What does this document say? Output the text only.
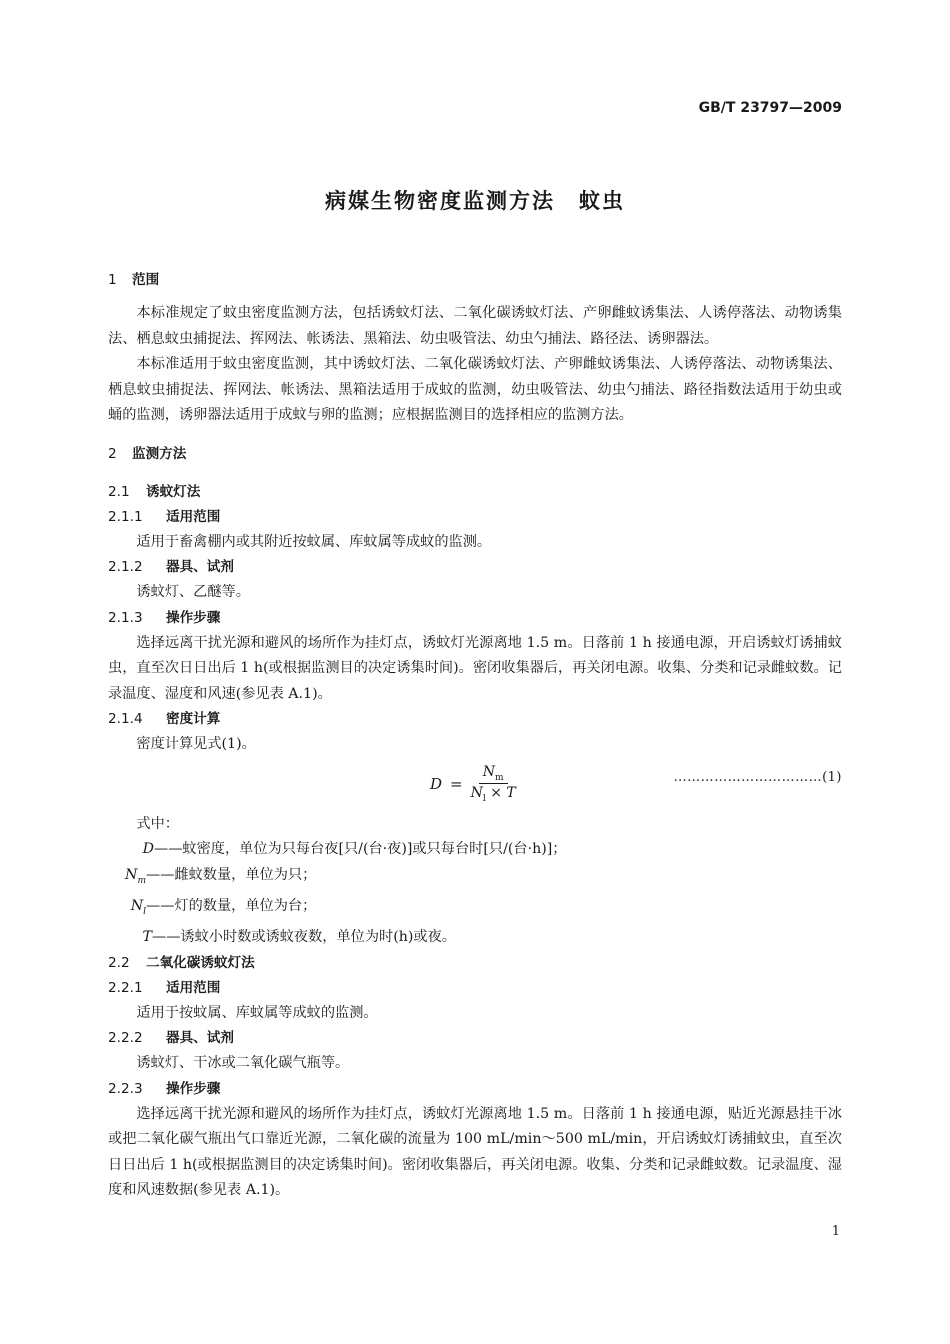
GB/T 23797—2009
病媒生物密度监测方法 蚊虫
1 范围

本标准规定了蚊虫密度监测方法，包括诱蚊灯法、二氧化碳诱蚊灯法、产卵雌蚊诱集法、人诱停落法、动物诱集法、栖息蚊虫捕捉法、挥网法、帐诱法、黑箱法、幼虫吸管法、幼虫勺捕法、路径法、诱卵器法。

本标准适用于蚊虫密度监测，其中诱蚊灯法、二氧化碳诱蚊灯法、产卵雌蚊诱集法、人诱停落法、动物诱集法、栖息蚊虫捕捉法、挥网法、帐诱法、黑箱法适用于成蚊的监测，幼虫吸管法、幼虫勺捕法、路径指数法适用于幼虫或蛹的监测，诱卵器法适用于成蚊与卵的监测；应根据监测目的选择相应的监测方法。

2 监测方法
2.1 诱蚊灯法
2.1.1 适用范围

适用于畜禽棚内或其附近按蚊属、库蚊属等成蚊的监测。

2.1.2 器具、试剂

诱蚊灯、乙醚等。

2.1.3 操作步骤

选择远离干扰光源和避风的场所作为挂灯点，诱蚊灯光源离地 1.5 m。日落前 1 h 接通电源，开启诱蚊灯诱捕蚊虫，直至次日日出后 1 h(或根据监测目的决定诱集时间)。密闭收集器后，再关闭电源。收集、分类和记录雌蚊数。记录温度、湿度和风速(参见表 A.1)。

2.1.4 密度计算

密度计算见式(1)。

$D = \frac{N_m}{N_l \times T}$	……………………………(1)
式中：
D——蚊密度，单位为只每台夜[只/(台·夜)]或只每台时[只/(台·h)]；
$N_m——$雌蚊数量，单位为只；
$N_l——$灯的数量，单位为台；
T——诱蚊小时数或诱蚊夜数，单位为时(h)或夜。
2.2 二氧化碳诱蚊灯法
2.2.1 适用范围

适用于按蚊属、库蚊属等成蚊的监测。

2.2.2 器具、试剂

诱蚊灯、干冰或二氧化碳气瓶等。

2.2.3 操作步骤

选择远离干扰光源和避风的场所作为挂灯点，诱蚊灯光源离地 1.5 m。日落前 1 h 接通电源，贴近光源悬挂干冰或把二氧化碳气瓶出气口靠近光源，二氧化碳的流量为 100 mL/min～500 mL/min，开启诱蚊灯诱捕蚊虫，直至次日日出后 1 h(或根据监测目的决定诱集时间)。密闭收集器后，再关闭电源。收集、分类和记录雌蚊数。记录温度、湿度和风速数据(参见表 A.1)。

1
